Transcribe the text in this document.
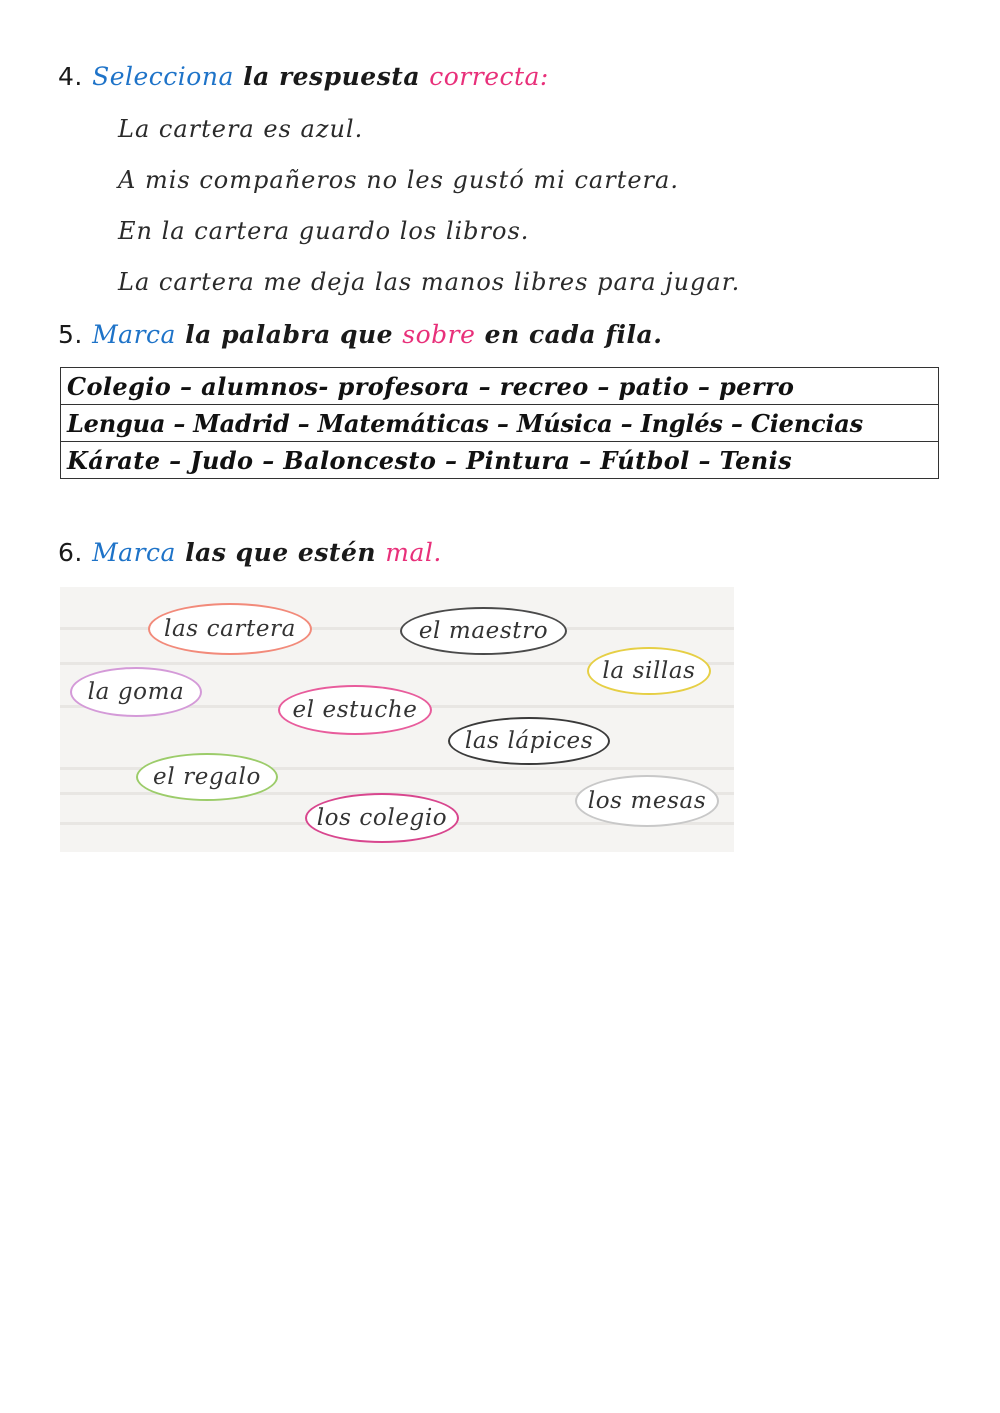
4. Selecciona la respuesta correcta:
La cartera es azul.
A mis compañeros no les gustó mi cartera.
En la cartera guardo los libros.
La cartera me deja las manos libres para jugar.
5. Marca la palabra que sobre en cada fila.
Colegio – alumnos- profesora – recreo – patio – perro
Lengua – Madrid – Matemáticas – Música – Inglés – Ciencias
Kárate – Judo – Baloncesto – Pintura – Fútbol – Tenis
6. Marca las que estén mal.
las cartera	el maestro
la sillas
la goma
el estuche
las lápices
el regalo
los colegio
los mesas
